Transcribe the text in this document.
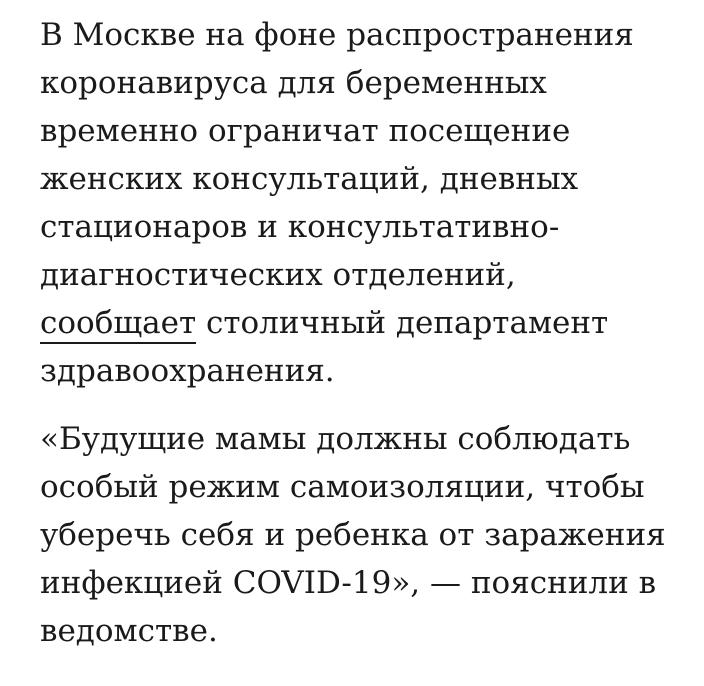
В Москве на фоне распространения
коронавируса для беременных
временно ограничат посещение
женских консультаций, дневных
стационаров и консультативно-
диагностических отделений,
сообщает столичный департамент
здравоохранения.

«Будущие мамы должны соблюдать
особый режим самоизоляции, чтобы
уберечь себя и ребенка от заражения
инфекцией COVID-19», — пояснили в
ведомстве.
